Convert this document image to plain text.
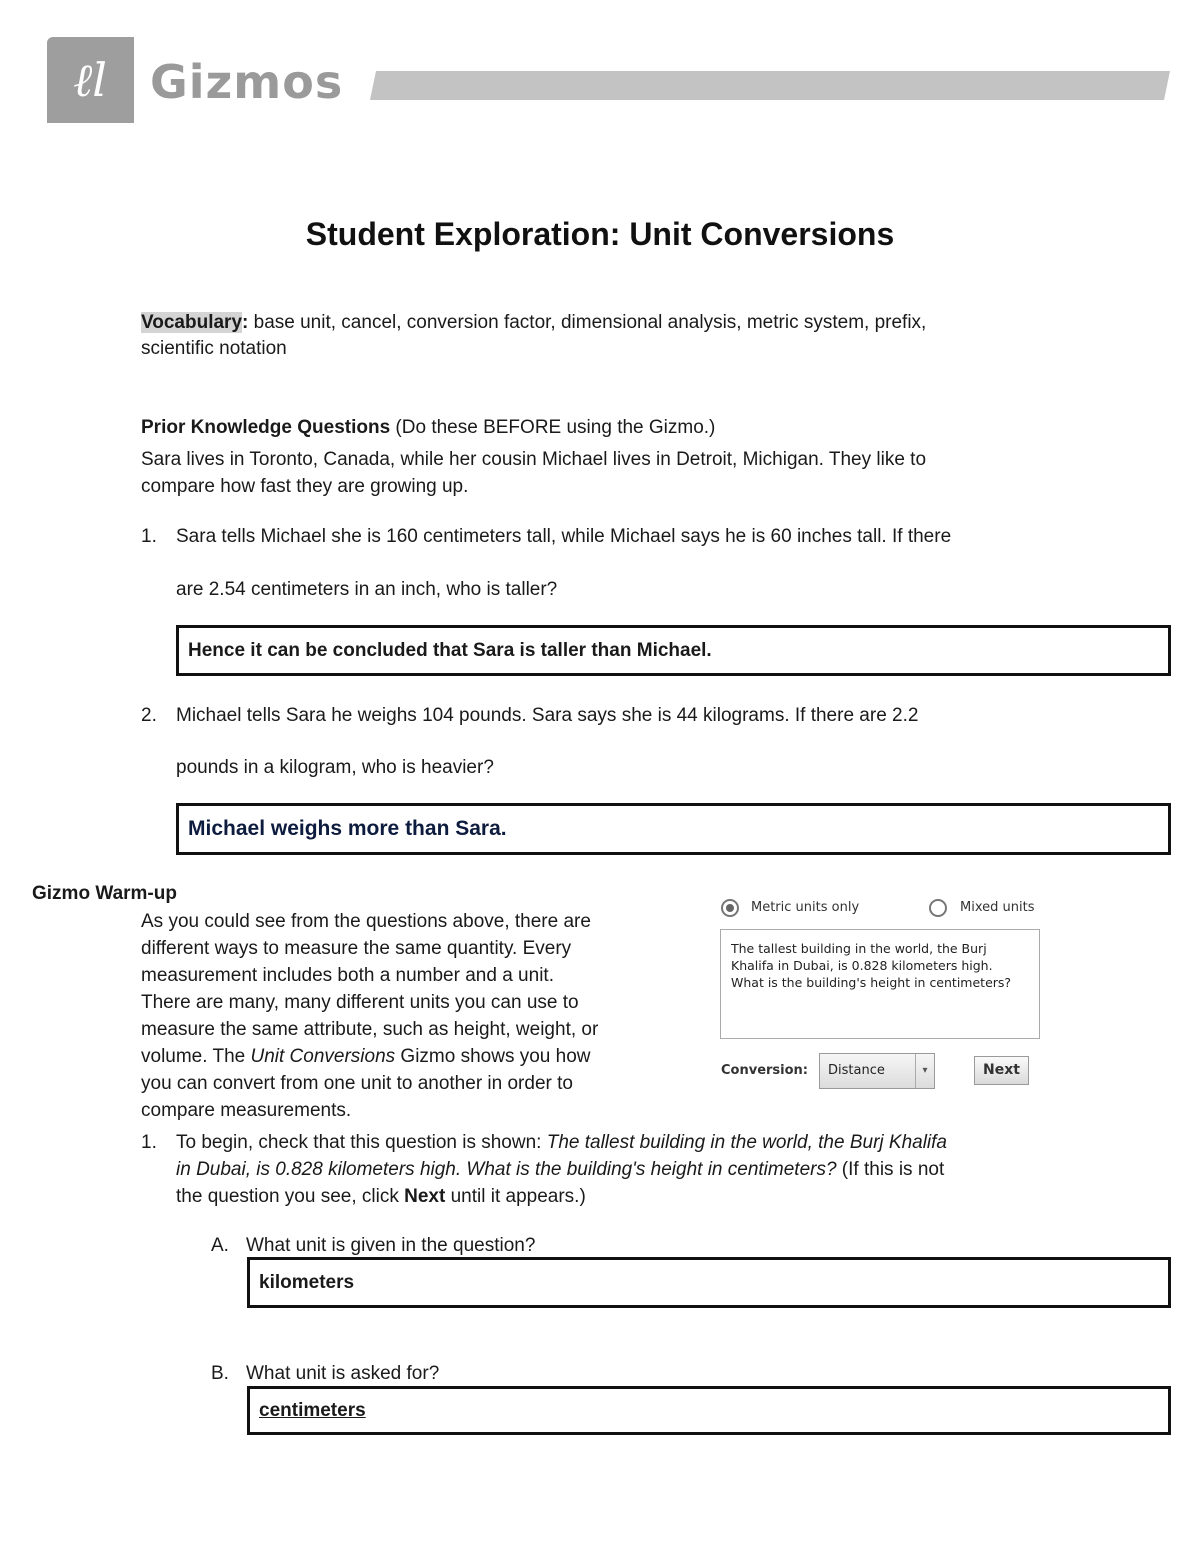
ℓl Gizmos
Student Exploration: Unit Conversions
Vocabulary: base unit, cancel, conversion factor, dimensional analysis, metric system, prefix,
scientific notation
Prior Knowledge Questions (Do these BEFORE using the Gizmo.)
Sara lives in Toronto, Canada, while her cousin Michael lives in Detroit, Michigan. They like to
compare how fast they are growing up.
1.	Sara tells Michael she is 160 centimeters tall, while Michael says he is 60 inches tall. If there
are 2.54 centimeters in an inch, who is taller?
Hence it can be concluded that Sara is taller than Michael.
2.	Michael tells Sara he weighs 104 pounds. Sara says she is 44 kilograms. If there are 2.2
pounds in a kilogram, who is heavier?
Michael weighs more than Sara.
Gizmo Warm-up
As you could see from the questions above, there are
different ways to measure the same quantity. Every
measurement includes both a number and a unit.
There are many, many different units you can use to
measure the same attribute, such as height, weight, or
volume. The Unit Conversions Gizmo shows you how
you can convert from one unit to another in order to
compare measurements.
Metric units only	Mixed units
The tallest building in the world, the Burj
Khalifa in Dubai, is 0.828 kilometers high.
What is the building's height in centimeters?
Conversion:	Distance	▾	Next
1.	To begin, check that this question is shown: The tallest building in the world, the Burj Khalifa
in Dubai, is 0.828 kilometers high. What is the building's height in centimeters? (If this is not
the question you see, click Next until it appears.)
A. What unit is given in the question?
kilometers
B. What unit is asked for?
centimeters
